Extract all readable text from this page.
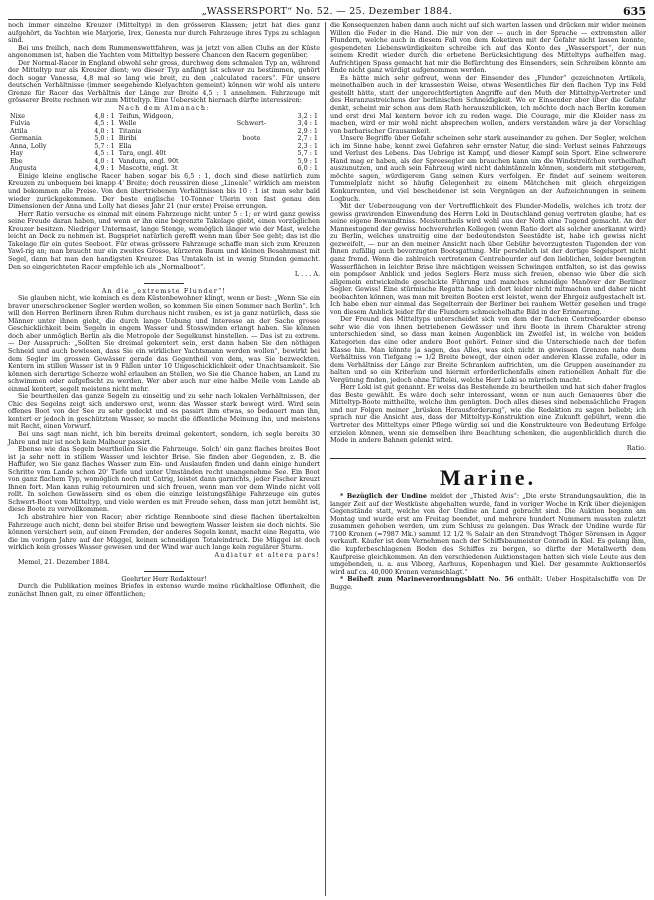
„WASSERSPORT“ No. 52. — 25. Dezember 1884.	635

noch immer einzelne Kreuzer (Mitteltyp) in den grösseren Klassen; jetzt hat dies ganz aufgehört, da Yachten wie Marjorie, Irex, Genesta nur durch Fahrzeuge ihres Typs zu schlagen sind.

Bei uns freilich, nach dem Rummenswettfahren, was ja jetzt von allen Clubs an der Küste angenommen ist, haben die Yachten vom Mitteltyp bessere Chancen den Racern gegenüber.

Der Normal-Racer in England obwohl sehr gross, durchweg dem schmalen Typ an, während der Mitteltyp nur als Kreuzer dient; wo dieser Typ anfängt ist schwer zu bestimmen, gehört doch sogar Vanessa, 4,8 mal so lang wie breit, zu den „calculated racers“. Für unsere deutschen Verhältnisse (immer seegehende Kielyachten gemeint) können wir wohl als untere Grenze für Racer das Verhältnis der Länge zur Breite 4,5 : 1 annehmen. Fahrzeuge mit grösserer Breite rechnen wir zum Mitteltyp. Eine Uebersicht hiernach dürfte interessiren:

Nach dem Almanach:

Nixe	4,8 : 1	Teifun, Widgeon,		3,2 : 1
Fulvia	4,5 : 1	Welle	Schwert-	3,4 : 1
Attila	4,0 : 1	Titania		2,9 : 1
Germania	5,0 : 1	Biribi	boote	2,7 : 1
Anna, Lolly	5,7 : 1	Ella		2,3 : 1
Hay	4,5 : 1	Tara, engl. 40t		5,7 : 1
Ebe	4,0 : 1	Vandura, engl. 90t		5,9 : 1
Augusta	4,9 : 1	Mascotte, engl. 3t		6,0 : 1

Einige kleine englische Racer haben sogar bis 6,5 : 1, doch sind diese natürlich zum Kreuzen zu unbequem bei knapp 4' Breite; doch reussiren diese „Lineale“ wirklich am meisten und bekommen alle Preise. Von den übertriebenen Verhältnissen bis 10 : 1 ist man sehr bald wieder zurückgekommen. Der beste englische 10-Tonner Ulerin von fast genau den Dimensionen der Anna und Lolly hat dieses Jahr 21 (nur erste) Preise errungen.

Herr Ratio versuche es einmal mit einem Fahrzeuge nicht unter 5 : 1; er wird ganz gewiss seine Freude daran haben, und wenn er ihn eine begrenzte Takelage giebt, einen vorzüglichen Kreuzer besitzen. Niedriger Untermast, lange Stenge, womöglich länger wie der Mast, welche leicht an Deck zu nehmen ist. Bugspriet natürlich gerefft wenn man über See geht; das ist die Takelage für ein gutes Seeboot. Für etwas grössere Fahrzeuge schaffe man sich zum Kreuzen Yawl-rig an; man braucht nur ein zweites Grosse, kürzeren Baum und kleinen Besahnmast mit Segel, dann hat man den handigsten Kreuzer. Das Umtakeln ist in wenig Stunden gemacht. Den so eingerichteten Racer empfehle ich als „Normalboot“.

L . . . A.

An die „extremste Flunder“!

Sie glauben nicht, wie komisch es dem Küstenbewohner klingt, wenn er liest: „Wenn Sie ein braver unerschrockener Segler werden wollen, so kommen Sie einen Sommer nach Berlin“. Ich will den Herren Berlinern ihren Ruhm durchaus nicht rauben, es ist ja ganz natürlich, dass sie Männer unter ihnen giebt, die durch lange Uebung und Interesse an der Sache grosse Geschicklichkeit beim Segeln in engem Wasser und Stosswinden erlangt haben. Sie können doch aber unmöglich Berlin als die Metropole der Segelkunst hinstellen. — Das ist zu extrem. — Der Ausspruch: „Sollten Sie dreimal gekentert sein, erst dann haben Sie den nöthigen Schneid und auch bewiesen, dass Sie ein wirklicher Yachtsmann werden wollen“, bewirkt bei dem Segler im grossen Gewässer gerade das Gegentheil von dem, was Sie bezweckten. Kentern im stillen Wasser ist in 9 Fällen unter 10 Ungeschicklichkeit oder Unachtsamkeit. Sie können sich derartige Scherze wohl erlauben an Stellen, wo Sie die Chance haben, an Land zu schwimmen oder aufgefischt zu werden. Wer aber auch nur eine halbe Meile vom Lande ab einmal kentert, segelt meistens nicht mehr.

Sie beurtheilen das ganze Segeln zu einseitig und zu sehr nach lokalen Verhältnissen, der Chic des Segelns zeigt sich anderswo erst, wenn das Wasser stark bewegt wird. Wird sein offenes Boot von der See zu sehr gedeckt und es passirt ihm etwas, so bedauert man ihn, kentert er jedoch in geschütztem Wasser, so macht die öffentliche Meinung ihn, und meistens mit Recht, einen Vorwurf.

Bei uns sagt man nicht, ich bin bereits dreimal gekentert, sondern, ich segle bereits 30 Jahre und mir ist noch kein Malheur passirt.

Ebenso wie das Segeln beurtheilen Sie die Fahrzeuge. Solch' ein ganz flaches breites Boot ist ja sehr nett in stillem Wasser und leichter Brise. Sie finden aber Gegenden, z. B. die Haffufer, wo Sie ganz flaches Wasser zum Ein- und Auslaufen finden und dann einige hundert Schritte vom Lande schon 20' Tiefe und unter Umständen recht unangenehme See. Ein Boot von ganz flachem Typ, womöglich noch mit Catrig, leistet dann garnichts, jeder Fischer kreuzt Ihnen fort. Man kann ruhig retourniren und sich freuen, wenn man vor dem Winde nicht voll rollt. In solchen Gewässern sind es eben die einzige leistungsfähige Fahrzeuge ein gutes Schwert-Boot vom Mitteltyp, und viele werden es mit Freude sehen, dass man jetzt bemüht ist, diese Boote zu vervollkommen.

Ich abstrahire hier von Racer; aber richtige Rennboote sind diese flachen übertakelten Fahrzeuge auch nicht, denn bei steifer Brise und bewegtem Wasser leisten sie doch nichts. Sie können versichert sein, auf einen Fremden, der anderes Segeln kennt, macht eine Regatta, wie die im vorigen Jahre auf der Müggel, keinen schneidigen Totaleindruck. Die Müggel ist doch wirklich kein grosses Wasser gewesen und der Wind war auch lange kein regulärer Sturm.

Audiatur et altera pars!

Memel, 21. Dezember 1884.

Geehrter Herr Redakteur!

Durch die Publikation meines Briefes in extenso wurde meine rückhaltlose Offenheit, die zunächst Ihnen galt, zu einer öffentlichen;

die Konsequenzen haben dann auch nicht auf sich warten lassen und drücken mir wider meinen Willen die Feder in die Hand. Die mir von der — auch in der Sprache — extremsten aller Flundern, welche auch in diesem Fall von dem Koketiren mit der Gefahr nicht lassen konnte, gespendeten Liebenswürdigkeiten schreibe ich auf das Konto des „Wassersport“, der nun seinem Kredit wieder durch die erbetene Berücksichtigung des Mitteltyps aufhelfen mag. Aufrichtigen Spass gemacht hat mir die Befürchtung des Einsenders, sein Schreiben könnte am Ende nicht ganz würdigt aufgenommen werden.

Es hätte mich sehr gefreut, wenn der Einsender des „Flunder“ gezeichneten Artikels, meinethalben auch in der krassesten Weise, etwas Wesentliches für den flachen Typ ins Feld gestellt hätte, statt der ungerechtfertigten Angriffe auf den Muth der Mitteltyp-Vertreter und des Heranzustreichens der berlinischen Schneidigkeit. Wo er Einsender aber über die Gefahr denkt, scheint mir schon aus dem Rath herauszublicken, ich möchte doch nach Berlin kommen und erst drei Mal kentern bevor ich zu reden wage. Die Courage, mir die Kleider nass zu machen, wird er mir wohl nicht absprechen wollen, anders verstanden wäre ja der Vorschlag von barbarischer Grausamkeit.

Unsere Begriffe über Gefahr scheinen sehr stark auseinander zu gehen. Der Segler, welchen ich im Sinne habe, kennt zwei Gefahren sehr ernster Natur, die sind: Verlust seines Fahrzeugs und Verlust des Lebens. Das Uebrige ist Kampf, und dieser Kampf sein Sport. Eine schwerere Hand mag er haben, als der Spreesegler am brauchen kann um die Windstreifchen vortheilhaft auszunutzen, und auch sein Fahrzeug wird nicht dahintänzeln können, sondern mit stetigerem, möchte sagen, würdigerem Gang seinen Kurs verfolgen. Er findet auf seinem weiteren Tummelplatz nicht so häufig Gelegenheit zu einem Mätchchen mit gleich ehrgeizigen Konkurrenten, und viel bescheidener ist sein Vergnügen an der Aufzeichnungen in seinem Logbuch.

Mit der Ueberzeugung von der Vortrefflichkeit des Flunder-Modells, welches ich trotz der gewiss gravirenden Einwendung des Herrn Loki in Deutschland genug vertreten glaube, hat es seine eigene Bewandtniss. Meistentheils wird wohl aus der Noth eine Tugend gemacht. An der Mannestugend der gewiss hochverehrlen Kollegen (wenn Ratio dort als solcher anerkannt wird) zu Berlin, welches unstreitig eine der bedeutendsten Seestädte ist, habe ich gewiss nicht gezweifelt, — nur an den meiner Ansicht nach über Gebühr bevorzugtesten Tugenden der von Ihnen zufällig auch bevorzugten Bootsgattung. Mir persönlich ist der dortige Segelsport nicht ganz fremd. Wenn die zahlreich vertretenen Centrebourder auf den lieblichen, leider beengten Wasserflächen in leichter Brise ihre mächtigen weissen Schwingen entfalten, so ist das gewiss ein pompöser Anblick und jedes Seglers Herz muss sich freuen, ebenso wie über die sich allgemein entwickelnde geschickte Führung und manches schneidige Manöver der Berliner Segler. Gewiss! Eine stürmische Regatta habe ich dort leider nicht mitmachen und daher nicht beobachten können, was man mit breiten Booten erst leistet, wenn der Ehrgeiz aufgestachelt ist. Ich habe eben nur einmal das Segelterrain der Berliner bei rauhem Wetter gesehen und trage von diesem Anblick leider für die Flundern schmeichelhafte Bild in der Erinnerung.

Der Freund des Mitteltyps unterscheidet sich von dem der flachen Centreboarder ebenso sehr wie die von ihnen betriebenen Gewässer und ihre Boote in ihrem Charakter streng unterschieden sind, so dass man keinen Augenblick im Zweifel ist, in welche von beiden Kategorien das eine oder andere Boot gehört. Feiner sind die Unterschiede nach der tiefen Klasse hin. Man könnte ja sagen, das Alles, was sich nicht in gewissen Grenzen nahe dem Verhältniss von Tiefgang := 1/2 Breite bewegt, der einen oder anderen Klasse zufalle, oder in dem Verhältniss der Länge zur Breite Schranken aufrichten, um die Gruppen auseinander zu halten und so ein Kriterium und hiermit erforderlichenfalls einen rationellen Anhalt für die Vergütung finden, jedoch ohne Tüftelei, welche Herr Loki so mürrisch macht.

Herr Loki ist gut genannt. Er weiss das Bestehende zu beurtheilen und hat sich daher fraglos das Beste gewählt. Es wäre doch sehr interessant, wenn er nun auch Genaueres über die Mitteltyp-Boote mittheilte, welche ihm genügten. Doch alles dieses sind nebensächliche Fragen und nur Folgen meiner „brüsken Herausforderung“, wie die Redaktion zu sagen beliebt; ich sprach nur die Ansicht aus, dass der Mitteltyp-Konstruktion eine Zukunft gebührt, wenn die Vertreter des Mitteltyps einer Pflege würdig sei und die Konstrukteure von Bedeutung Erfolge erzielen können, wenn sie demselben ihre Beachtung schenken, die augenblicklich durch die Mode in andere Bahnen gelenkt wird.

Ratio.

Marine.

* Bezüglich der Undine meldet der „Thisted Avis“: „Die erste Strandungsauktion, die in langer Zeit auf der Westküste abgehalten wurde, fand in voriger Woche in Krik über diejenigen Gegenstände statt, welche von der Undine an Land gebracht sind. Die Auktion begann am Montag und wurde erst am Freitag beendet, und mehrere hundert Nummern mussten zuletzt zusammen gehoben werden, um zum Schluss zu gelangen. Das Wrack der Undine wurde für 7100 Kronen (=7987 Mk.) sammt 12 1/2 % Salair an den Strandvogt Thöger Sörensen in Agger verkauft. Käufer ist dem Vernehmen nach der Schiffsbaumeister Conradi in Kiel. Es gelang ihm, die kupferbeschlagenen Boden des Schiffes zu bergen, so dürfte der Metallwerth dem Kaufpreise gleichkommen. An den verschiedenen Auktionstagen hatten sich viele Leute aus den umgebenden, u. a. aus Viborg, Aarhuus, Kopenhagen und Kiel. Der gesammte Auktionserlös wird auf ca. 40,000 Kronen veranschlagt.“

* Beiheft zum Marineverordnungsblatt No. 56 enthält: Ueber Hospitalschiffe von Dr Bugge.
